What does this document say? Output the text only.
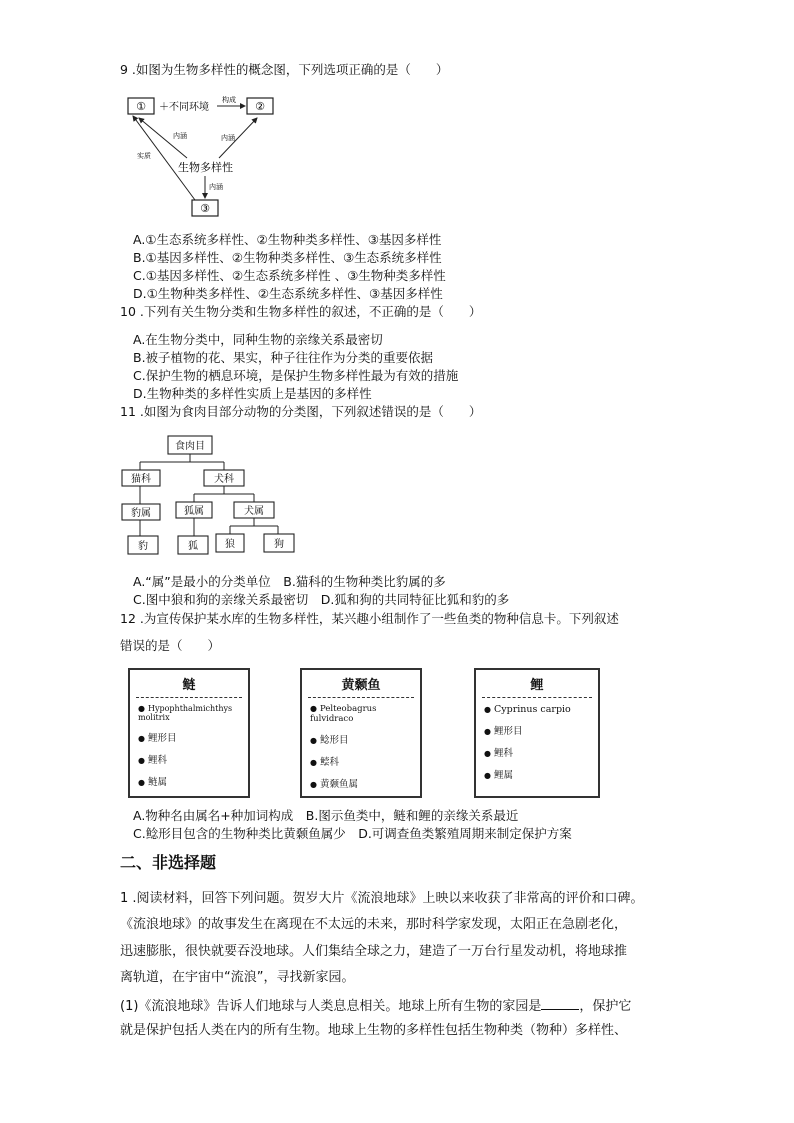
9 .如图为生物多样性的概念图，下列选项正确的是（　　）
① ＋不同环境
构成 ②
内涵	内涵
实质
生物多样性
内涵
③
A.①生态系统多样性、②生物种类多样性、③基因多样性
B.①基因多样性、②生物种类多样性、③生态系统多样性
C.①基因多样性、②生态系统多样性 、③生物种类多样性
D.①生物种类多样性、②生态系统多样性、③基因多样性
10 .下列有关生物分类和生物多样性的叙述，不正确的是（　　）
A.在生物分类中，同种生物的亲缘关系最密切
B.被子植物的花、果实，种子往往作为分类的重要依据
C.保护生物的栖息环境，是保护生物多样性最为有效的措施
D.生物种类的多样性实质上是基因的多样性
11 .如图为食肉目部分动物的分类图，下列叙述错误的是（　　）
食肉目
猫科	犬科
豹属	狐属	犬属
豹	狐	狼	狗
A.“属”是最小的分类单位　B.猫科的生物种类比豹属的多
C.图中狼和狗的亲缘关系最密切　D.狐和狗的共同特征比狐和豹的多
12 .为宣传保护某水库的生物多样性，某兴趣小组制作了一些鱼类的物种信息卡。下列叙述
错误的是（　　）
鲢
● Hypophthalmichthys molitrix
● 鲤形目
● 鲤科
● 鲢属
黄颡鱼
● Pelteobagrus fulvidraco
● 鲶形目
● 鲿科
● 黄颡鱼属
鲤
● Cyprinus carpio
● 鲤形目
● 鲤科
● 鲤属
A.物种名由属名+种加词构成　B.图示鱼类中，鲢和鲤的亲缘关系最近
C.鲶形目包含的生物种类比黄颡鱼属少　D.可调查鱼类繁殖周期来制定保护方案
二、非选择题
1 .阅读材料，回答下列问题。贺岁大片《流浪地球》上映以来收获了非常高的评价和口碑。
《流浪地球》的故事发生在离现在不太远的未来，那时科学家发现，太阳正在急剧老化，
迅速膨胀，很快就要吞没地球。人们集结全球之力，建造了一万台行星发动机，将地球推
离轨道，在宇宙中“流浪”，寻找新家园。
(1)《流浪地球》告诉人们地球与人类息息相关。地球上所有生物的家园是	，保护它
就是保护包括人类在内的所有生物。地球上生物的多样性包括生物种类（物种）多样性、
